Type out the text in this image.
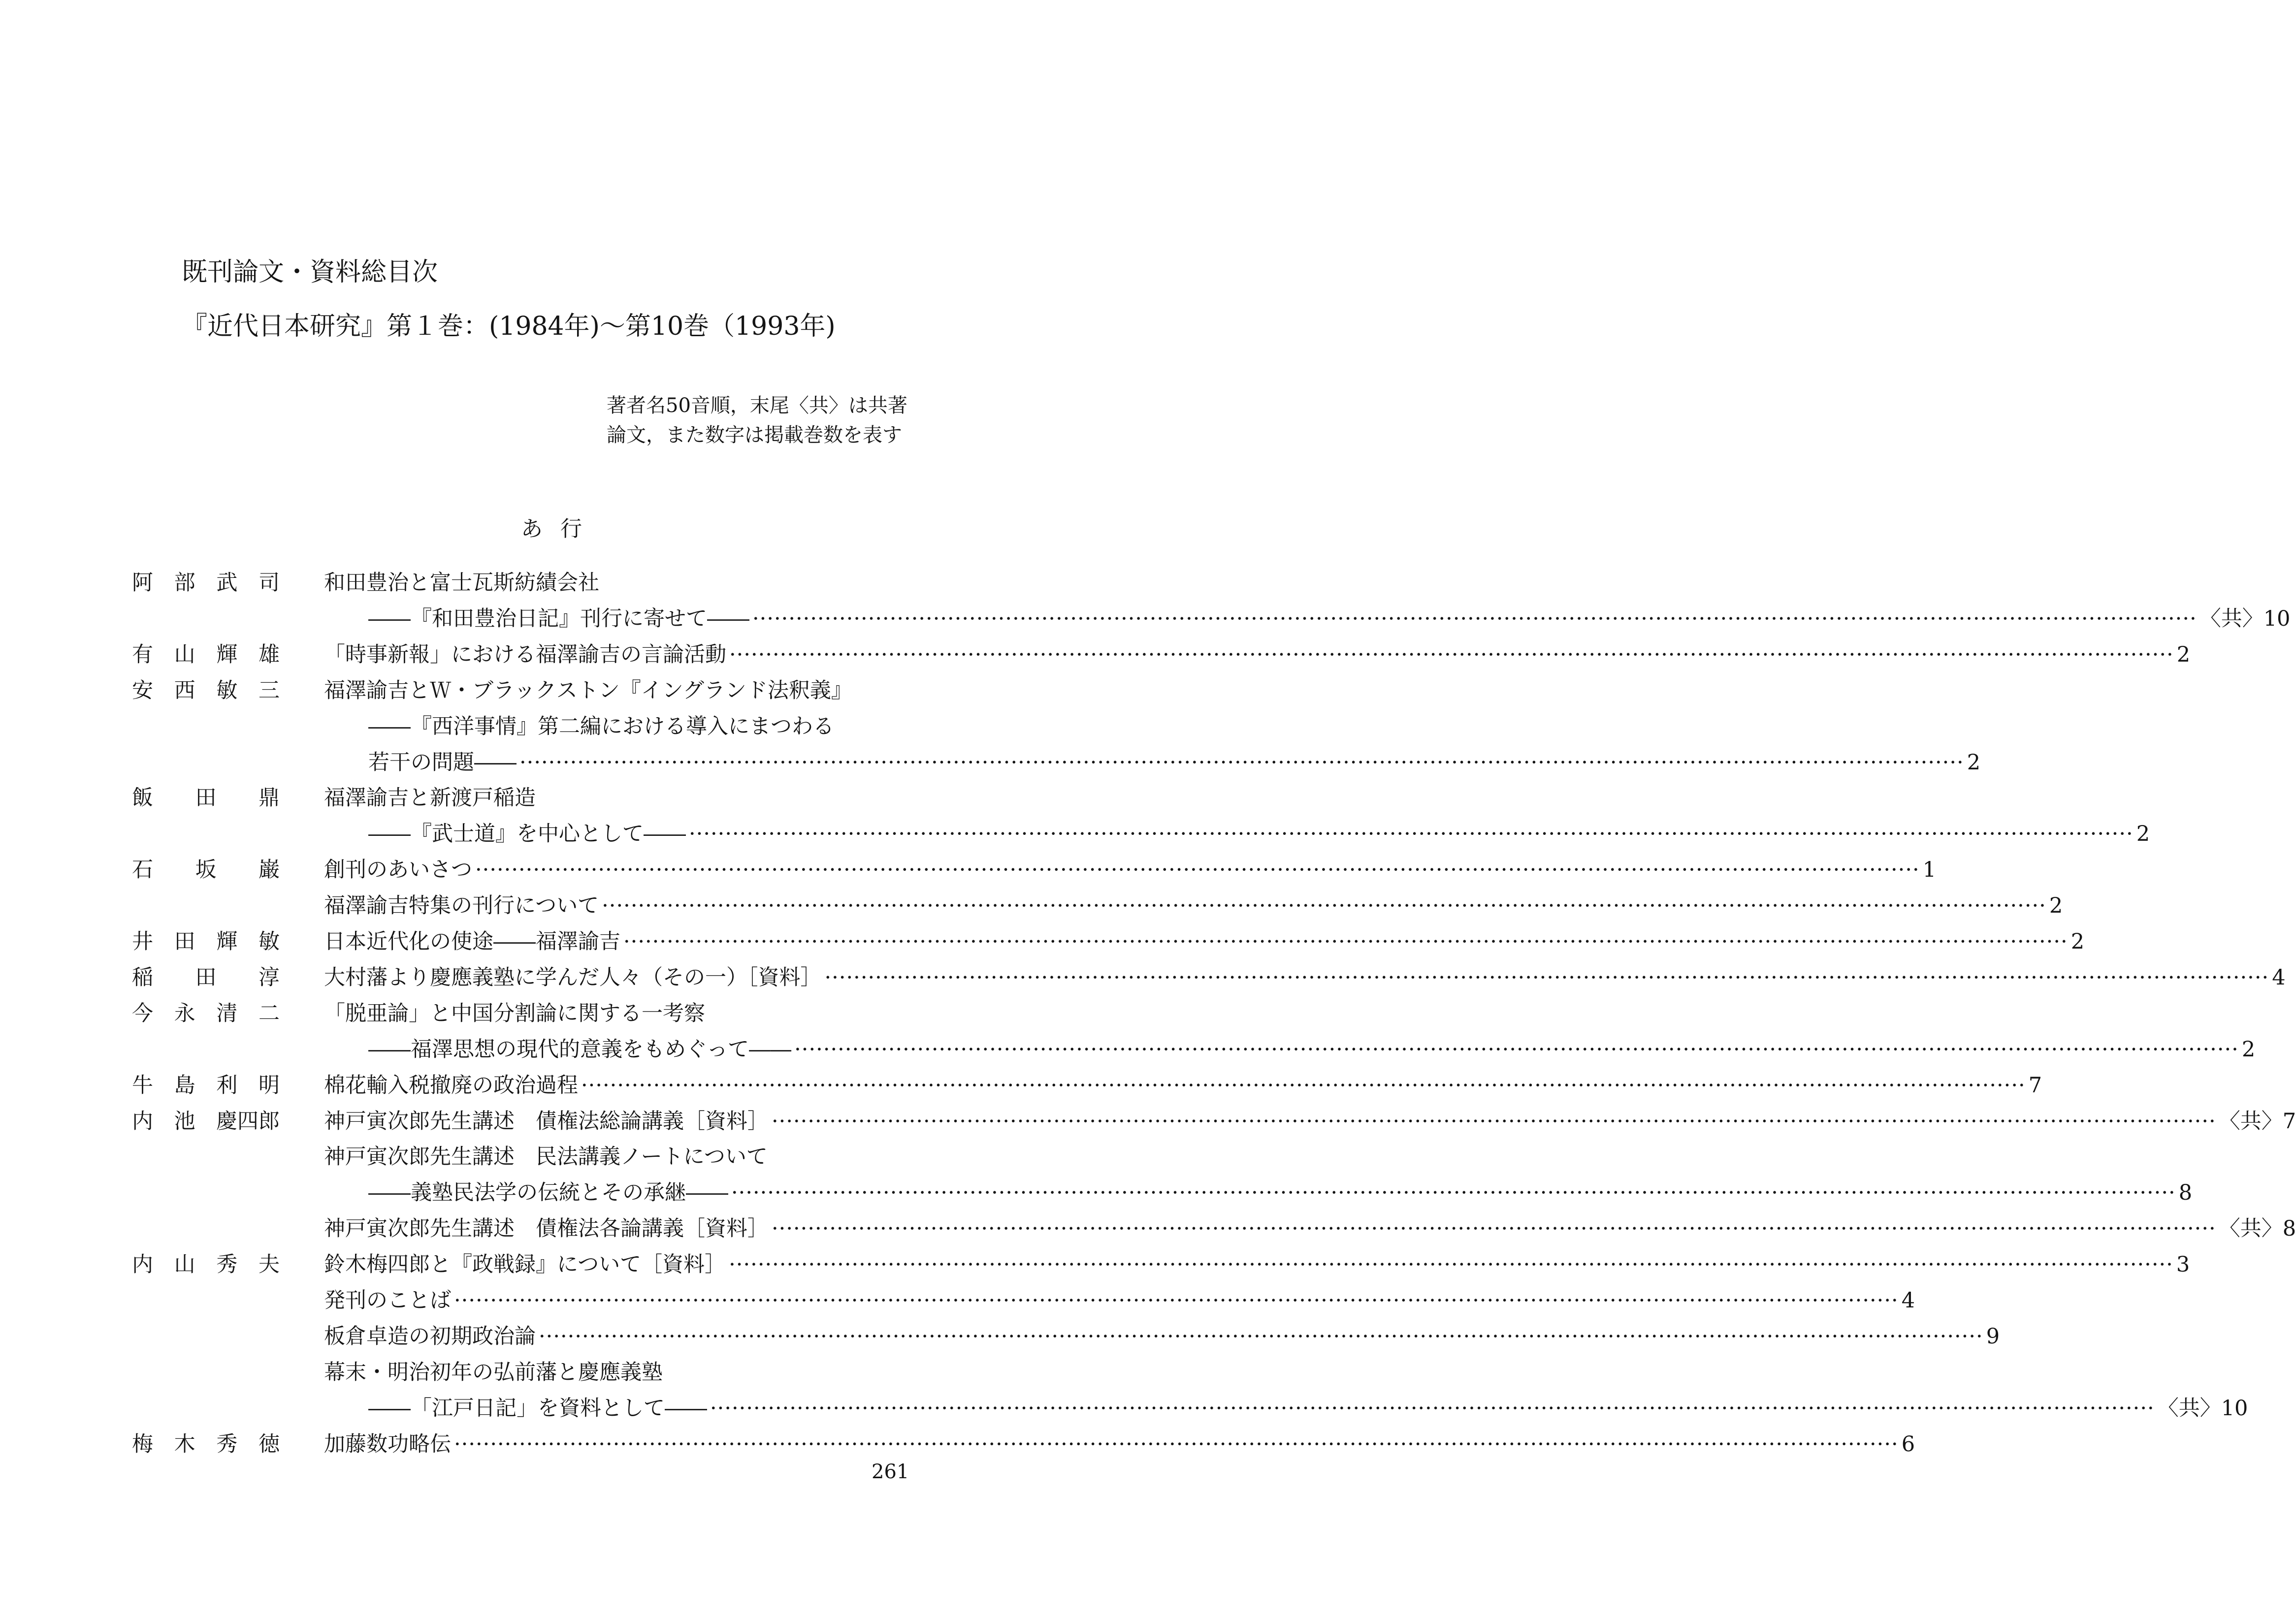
既刊論文・資料総目次
『近代日本研究』第１巻：(1984年)～第10巻（1993年)
著者名50音順，末尾〈共〉は共著
論文，また数字は掲載巻数を表す
あ行
阿 部 武 司 和田豊治と富士瓦斯紡績会社
――『和田豊治日記』刊行に寄せて―― ········································································································································································································ 〈共〉10
有 山 輝 雄 「時事新報」における福澤諭吉の言論活動 ········································································································································································································ 2
安 西 敏 三 福澤諭吉とＷ・ブラックストン『イングランド法釈義』
――『西洋事情』第二編における導入にまつわる
若干の問題―― ········································································································································································································ 2
飯 田 鼎 福澤諭吉と新渡戸稲造
――『武士道』を中心として―― ········································································································································································································ 2
石 坂 巌 創刊のあいさつ ········································································································································································································ 1
福澤諭吉特集の刊行について ········································································································································································································ 2
井 田 輝 敏 日本近代化の使途――福澤諭吉 ········································································································································································································ 2
稲 田 淳 大村藩より慶應義塾に学んだ人々（その一）［資料］ ········································································································································································································ 4
今 永 清 二 「脱亜論」と中国分割論に関する一考察
――福澤思想の現代的意義をもめぐって―― ········································································································································································································ 2
牛 島 利 明 棉花輸入税撤廃の政治過程 ········································································································································································································ 7
内 池 慶四郎 神戸寅次郎先生講述　債権法総論講義［資料］ ········································································································································································································ 〈共〉7
神戸寅次郎先生講述　民法講義ノートについて
――義塾民法学の伝統とその承継―― ········································································································································································································ 8
神戸寅次郎先生講述　債権法各論講義［資料］ ········································································································································································································ 〈共〉8
内 山 秀 夫 鈴木梅四郎と『政戦録』について［資料］ ········································································································································································································ 3
発刊のことば ········································································································································································································ 4
板倉卓造の初期政治論 ········································································································································································································ 9
幕末・明治初年の弘前藩と慶應義塾
――「江戸日記」を資料として―― ········································································································································································································ 〈共〉10
梅 木 秀 徳 加藤数功略伝 ········································································································································································································ 6
261
